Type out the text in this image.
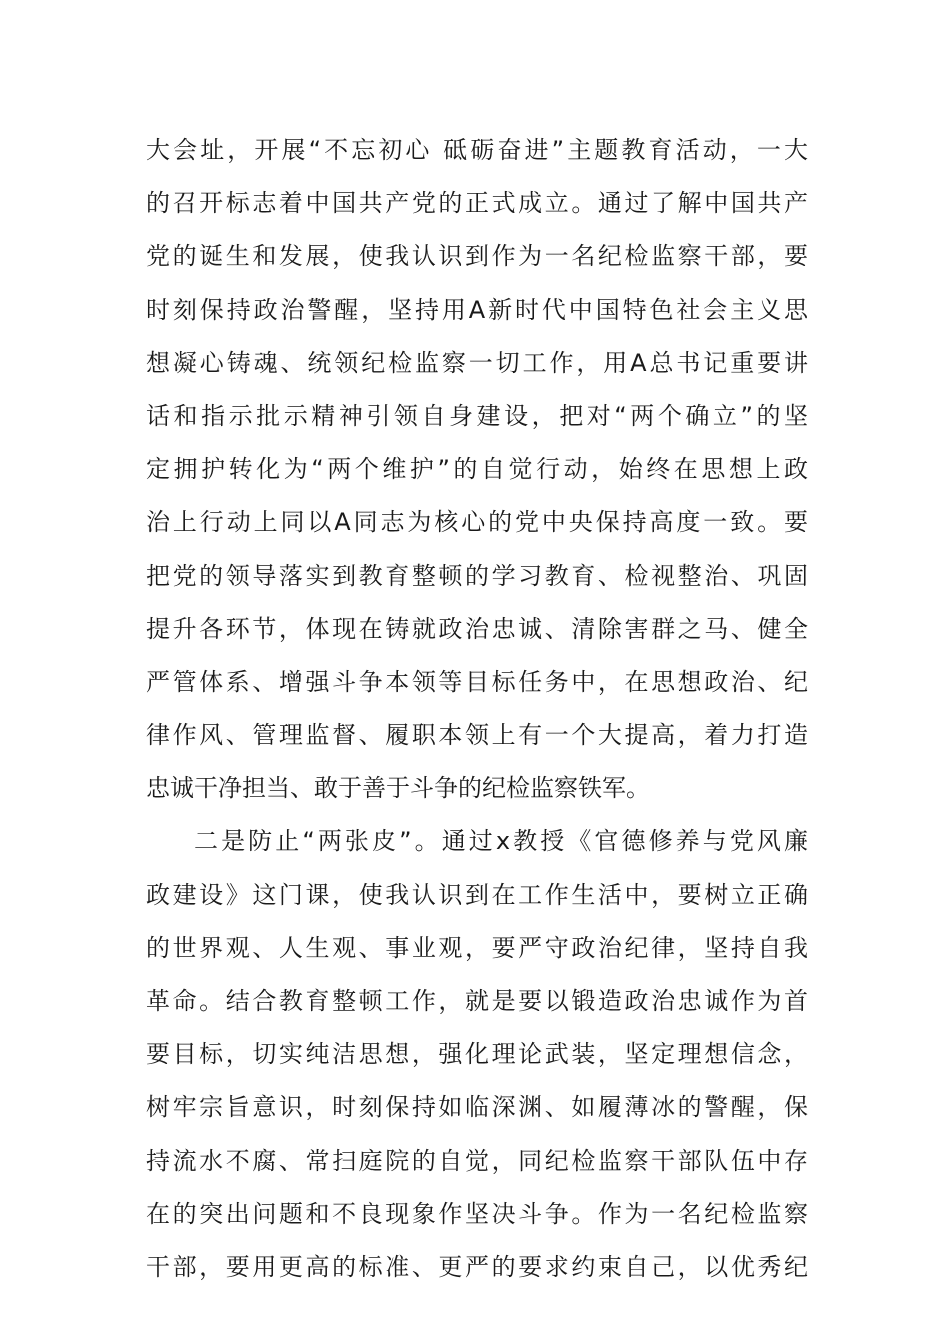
大会址，开展“不忘初心 砥砺奋进”主题教育活动，一大
的召开标志着中国共产党的正式成立。通过了解中国共产
党的诞生和发展，使我认识到作为一名纪检监察干部，要
时刻保持政治警醒，坚持用A新时代中国特色社会主义思
想凝心铸魂、统领纪检监察一切工作，用A总书记重要讲
话和指示批示精神引领自身建设，把对“两个确立”的坚
定拥护转化为“两个维护”的自觉行动，始终在思想上政
治上行动上同以A同志为核心的党中央保持高度一致。要
把党的领导落实到教育整顿的学习教育、检视整治、巩固
提升各环节，体现在铸就政治忠诚、清除害群之马、健全
严管体系、增强斗争本领等目标任务中，在思想政治、纪
律作风、管理监督、履职本领上有一个大提高，着力打造
忠诚干净担当、敢于善于斗争的纪检监察铁军。
二是防止“两张皮”。通过x教授《官德修养与党风廉
政建设》这门课，使我认识到在工作生活中，要树立正确
的世界观、人生观、事业观，要严守政治纪律，坚持自我
革命。结合教育整顿工作，就是要以锻造政治忠诚作为首
要目标，切实纯洁思想，强化理论武装，坚定理想信念，
树牢宗旨意识，时刻保持如临深渊、如履薄冰的警醒，保
持流水不腐、常扫庭院的自觉，同纪检监察干部队伍中存
在的突出问题和不良现象作坚决斗争。作为一名纪检监察
干部，要用更高的标准、更严的要求约束自己，以优秀纪
